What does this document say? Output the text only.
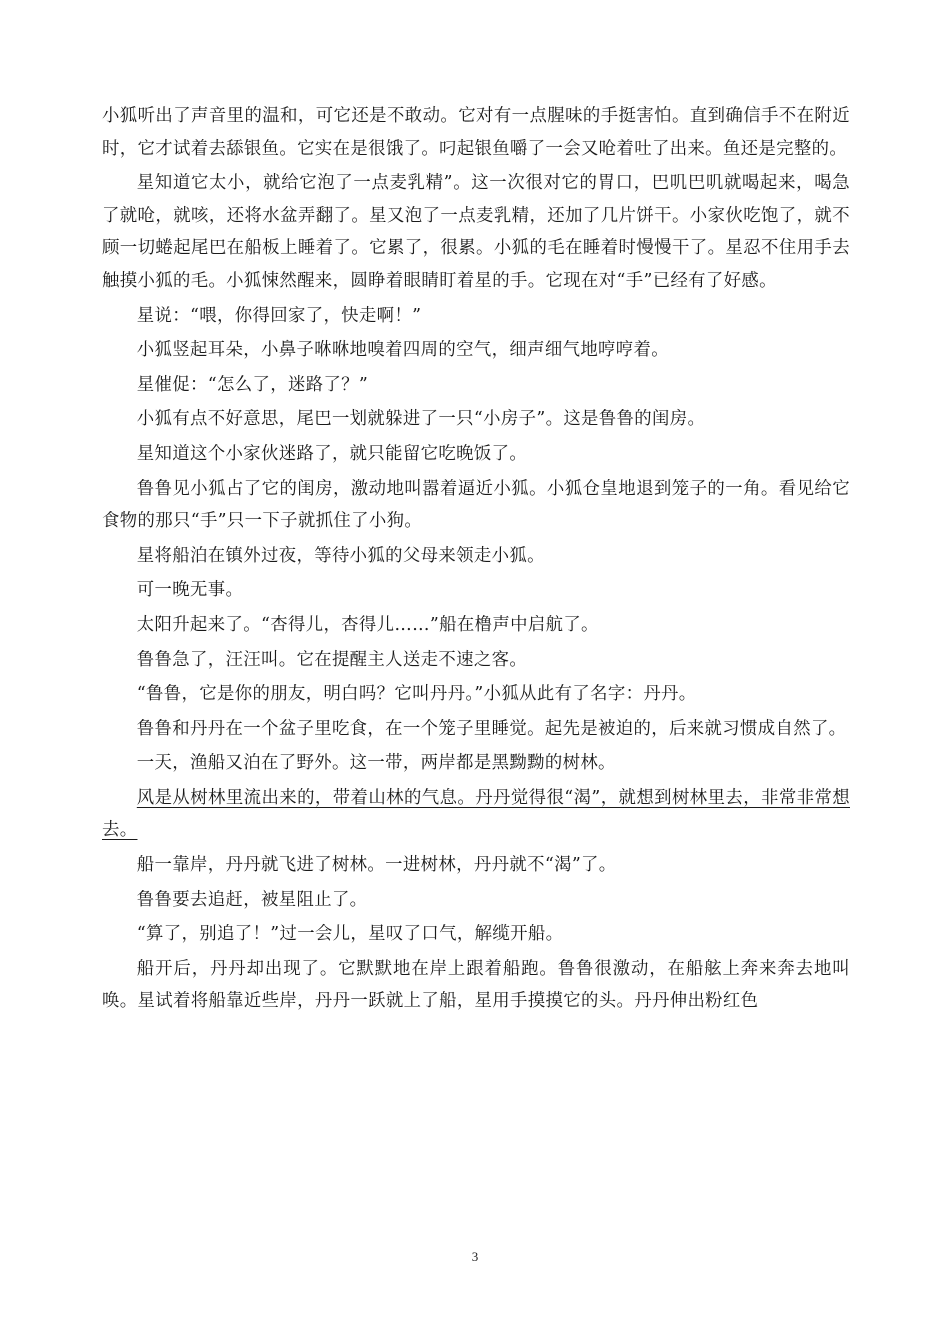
小狐听出了声音里的温和，可它还是不敢动。它对有一点腥味的手挺害怕。直到确信手不在附近时，它才试着去舔银鱼。它实在是很饿了。叼起银鱼嚼了一会又呛着吐了出来。鱼还是完整的。

星知道它太小，就给它泡了一点麦乳精”。这一次很对它的胃口，巴叽巴叽就喝起来，喝急了就呛，就咳，还将水盆弄翻了。星又泡了一点麦乳精，还加了几片饼干。小家伙吃饱了，就不顾一切蜷起尾巴在船板上睡着了。它累了，很累。小狐的毛在睡着时慢慢干了。星忍不住用手去触摸小狐的毛。小狐悚然醒来，圆睁着眼睛盯着星的手。它现在对“手”已经有了好感。

星说：“喂，你得回家了，快走啊！”

小狐竖起耳朵，小鼻子咻咻地嗅着四周的空气，细声细气地哼哼着。

星催促：“怎么了，迷路了？”

小狐有点不好意思，尾巴一划就躲进了一只“小房子”。这是鲁鲁的闺房。

星知道这个小家伙迷路了，就只能留它吃晚饭了。

鲁鲁见小狐占了它的闺房，激动地叫嚣着逼近小狐。小狐仓皇地退到笼子的一角。看见给它食物的那只“手”只一下子就抓住了小狗。

星将船泊在镇外过夜，等待小狐的父母来领走小狐。

可一晚无事。

太阳升起来了。“杏得儿，杏得儿……”船在橹声中启航了。

鲁鲁急了，汪汪叫。它在提醒主人送走不速之客。

“鲁鲁，它是你的朋友，明白吗？它叫丹丹。”小狐从此有了名字：丹丹。

鲁鲁和丹丹在一个盆子里吃食，在一个笼子里睡觉。起先是被迫的，后来就习惯成自然了。

一天，渔船又泊在了野外。这一带，两岸都是黑黝黝的树林。

风是从树林里流出来的，带着山林的气息。丹丹觉得很“渴”，就想到树林里去，非常非常想去。

船一靠岸，丹丹就飞进了树林。一进树林，丹丹就不“渴”了。

鲁鲁要去追赶，被星阻止了。

“算了，别追了！”过一会儿，星叹了口气，解缆开船。

船开后，丹丹却出现了。它默默地在岸上跟着船跑。鲁鲁很激动，在船舷上奔来奔去地叫唤。星试着将船靠近些岸，丹丹一跃就上了船，星用手摸摸它的头。丹丹伸出粉红色

3
